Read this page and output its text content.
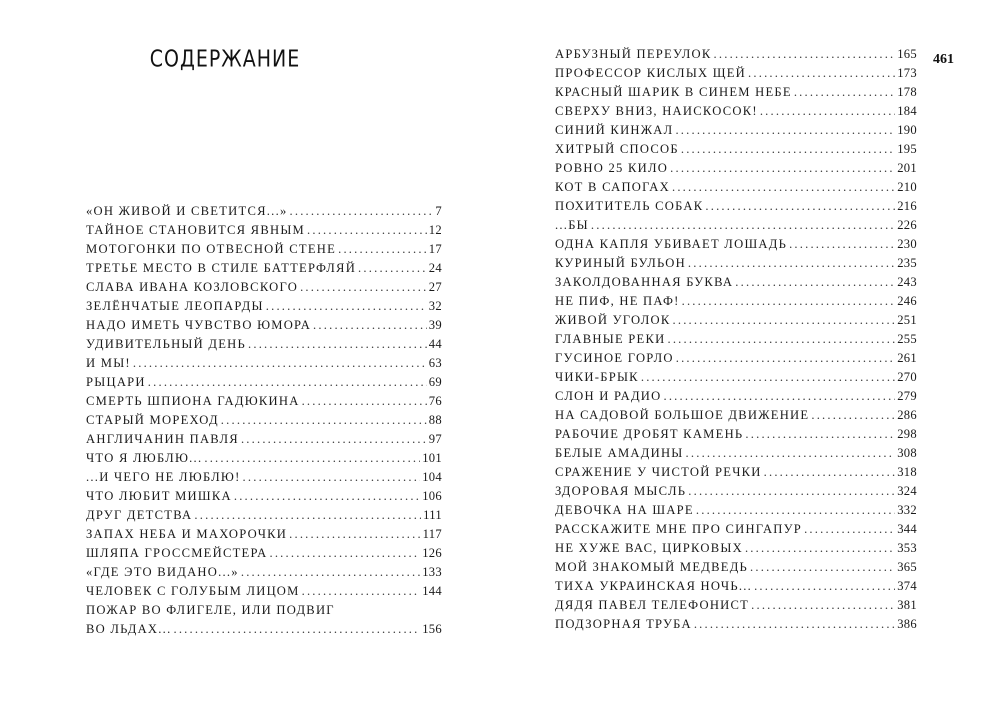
СОДЕРЖАНИЕ
«ОН ЖИВОЙ И СВЕТИТСЯ...» .....	7
ТАЙНОЕ СТАНОВИТСЯ ЯВНЫМ .....	12
МОТОГОНКИ ПО ОТВЕСНОЙ СТЕНЕ .....	17
ТРЕТЬЕ МЕСТО В СТИЛЕ БАТТЕРФЛЯЙ .....	24
СЛАВА ИВАНА КОЗЛОВСКОГО .....	27
ЗЕЛЁНЧАТЫЕ ЛЕОПАРДЫ .....	32
НАДО ИМЕТЬ ЧУВСТВО ЮМОРА .....	39
УДИВИТЕЛЬНЫЙ ДЕНЬ .....	44
И МЫ! .....	63
РЫЦАРИ .....	69
СМЕРТЬ ШПИОНА ГАДЮКИНА .....	76
СТАРЫЙ МОРЕХОД .....	88
АНГЛИЧАНИН ПАВЛЯ .....	97
ЧТО Я ЛЮБЛЮ... .....	101
...И ЧЕГО НЕ ЛЮБЛЮ! .....	104
ЧТО ЛЮБИТ МИШКА .....	106
ДРУГ ДЕТСТВА .....	111
ЗАПАХ НЕБА И МАХОРОЧКИ .....	117
ШЛЯПА ГРОССМЕЙСТЕРА .....	126
«ГДЕ ЭТО ВИДАНО...» .....	133
ЧЕЛОВЕК С ГОЛУБЫМ ЛИЦОМ .....	144
ПОЖАР ВО ФЛИГЕЛЕ, ИЛИ ПОДВИГ
ВО ЛЬДАХ... .....	156
461
АРБУЗНЫЙ ПЕРЕУЛОК .....	165
ПРОФЕССОР КИСЛЫХ ЩЕЙ .....	173
КРАСНЫЙ ШАРИК В СИНЕМ НЕБЕ .....	178
СВЕРХУ ВНИЗ, НАИСКОСОК! .....	184
СИНИЙ КИНЖАЛ .....	190
ХИТРЫЙ СПОСОБ .....	195
РОВНО 25 КИЛО .....	201
КОТ В САПОГАХ .....	210
ПОХИТИТЕЛЬ СОБАК .....	216
...БЫ .....	226
ОДНА КАПЛЯ УБИВАЕТ ЛОШАДЬ .....	230
КУРИНЫЙ БУЛЬОН .....	235
ЗАКОЛДОВАННАЯ БУКВА .....	243
НЕ ПИФ, НЕ ПАФ! .....	246
ЖИВОЙ УГОЛОК .....	251
ГЛАВНЫЕ РЕКИ .....	255
ГУСИНОЕ ГОРЛО .....	261
ЧИКИ-БРЫК .....	270
СЛОН И РАДИО .....	279
НА САДОВОЙ БОЛЬШОЕ ДВИЖЕНИЕ .....	286
РАБОЧИЕ ДРОБЯТ КАМЕНЬ .....	298
БЕЛЫЕ АМАДИНЫ .....	308
СРАЖЕНИЕ У ЧИСТОЙ РЕЧКИ .....	318
ЗДОРОВАЯ МЫСЛЬ .....	324
ДЕВОЧКА НА ШАРЕ .....	332
РАССКАЖИТЕ МНЕ ПРО СИНГАПУР .....	344
НЕ ХУЖЕ ВАС, ЦИРКОВЫХ .....	353
МОЙ ЗНАКОМЫЙ МЕДВЕДЬ .....	365
ТИХА УКРАИНСКАЯ НОЧЬ... .....	374
ДЯДЯ ПАВЕЛ ТЕЛЕФОНИСТ .....	381
ПОДЗОРНАЯ ТРУБА .....	386
